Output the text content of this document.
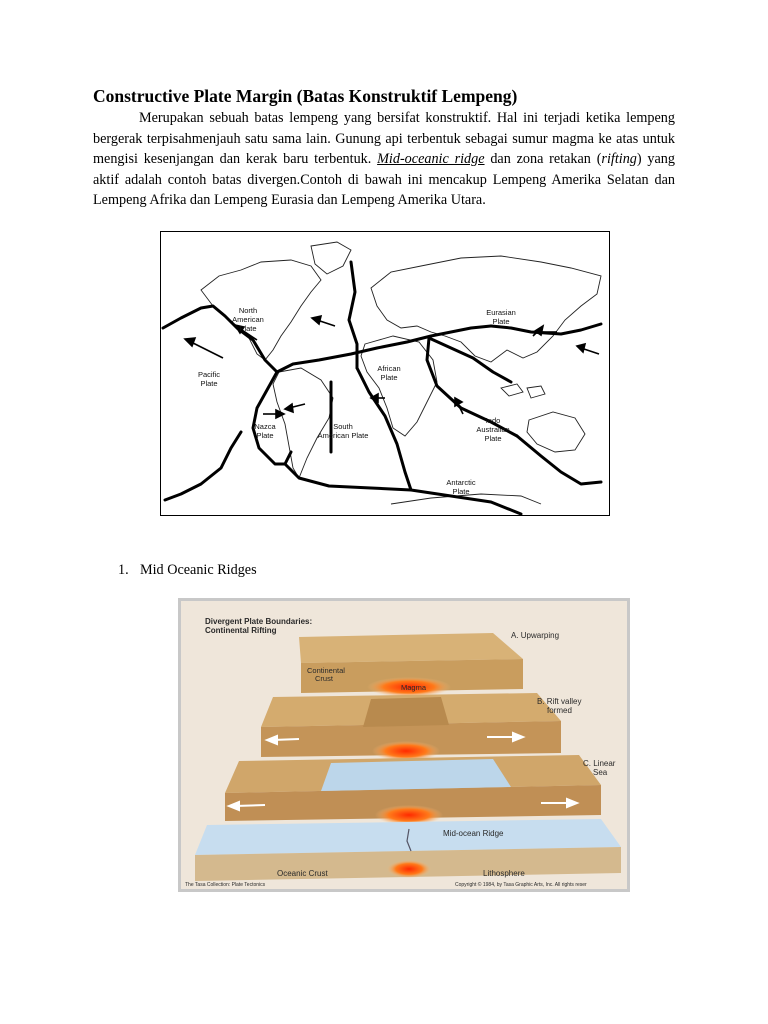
Constructive Plate Margin (Batas Konstruktif Lempeng)

Merupakan sebuah batas lempeng yang bersifat konstruktif. Hal ini terjadi ketika lempeng bergerak terpisahmenjauh satu sama lain. Gunung api terbentuk sebagai sumur magma ke atas untuk mengisi kesenjangan dan kerak baru terbentuk. Mid-oceanic ridge dan zona retakan (rifting) yang aktif adalah contoh batas divergen.Contoh di bawah ini mencakup Lempeng Amerika Selatan dan Lempeng Afrika dan Lempeng Eurasia dan Lempeng Amerika Utara.

North American Plate
Eurasian Plate
Pacific Plate
African Plate
Nazca Plate
South American Plate
Indo Australian Plate
Antarctic Plate
1. Mid Oceanic Ridges
Divergent Plate Boundaries:
Continental Rifting
A. Upwarping
B. Rift valley
formed
C. Linear
Sea
Continental
Crust
Magma
Mid-ocean Ridge
Oceanic Crust	Lithosphere
The Tasa Collection: Plate Tectonics	Copyright © 1984, by Tasa Graphic Arts, Inc. All rights reser
